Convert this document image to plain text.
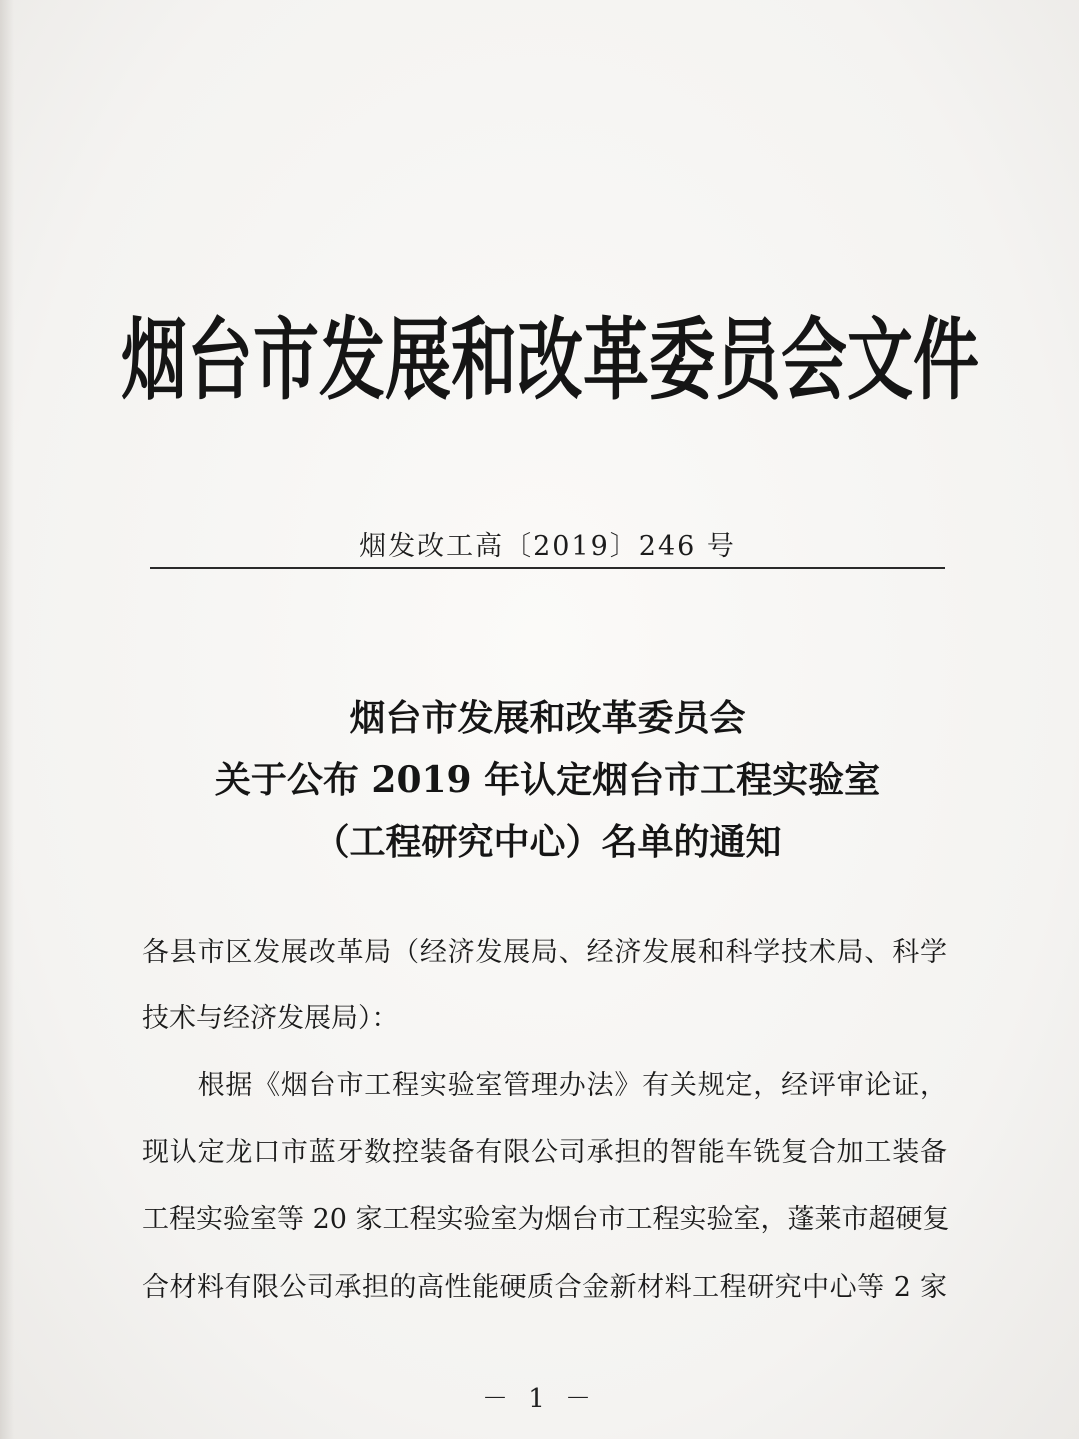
烟台市发展和改革委员会文件
烟发改工高〔2019〕246 号
烟台市发展和改革委员会
关于公布 2019 年认定烟台市工程实验室
（工程研究中心）名单的通知
各县市区发展改革局（经济发展局、经济发展和科学技术局、科学
技术与经济发展局）：
　　根据《烟台市工程实验室管理办法》有关规定，经评审论证，
现认定龙口市蓝牙数控装备有限公司承担的智能车铣复合加工装备
工程实验室等 20 家工程实验室为烟台市工程实验室，蓬莱市超硬复
合材料有限公司承担的高性能硬质合金新材料工程研究中心等 2 家
－ 1 －
